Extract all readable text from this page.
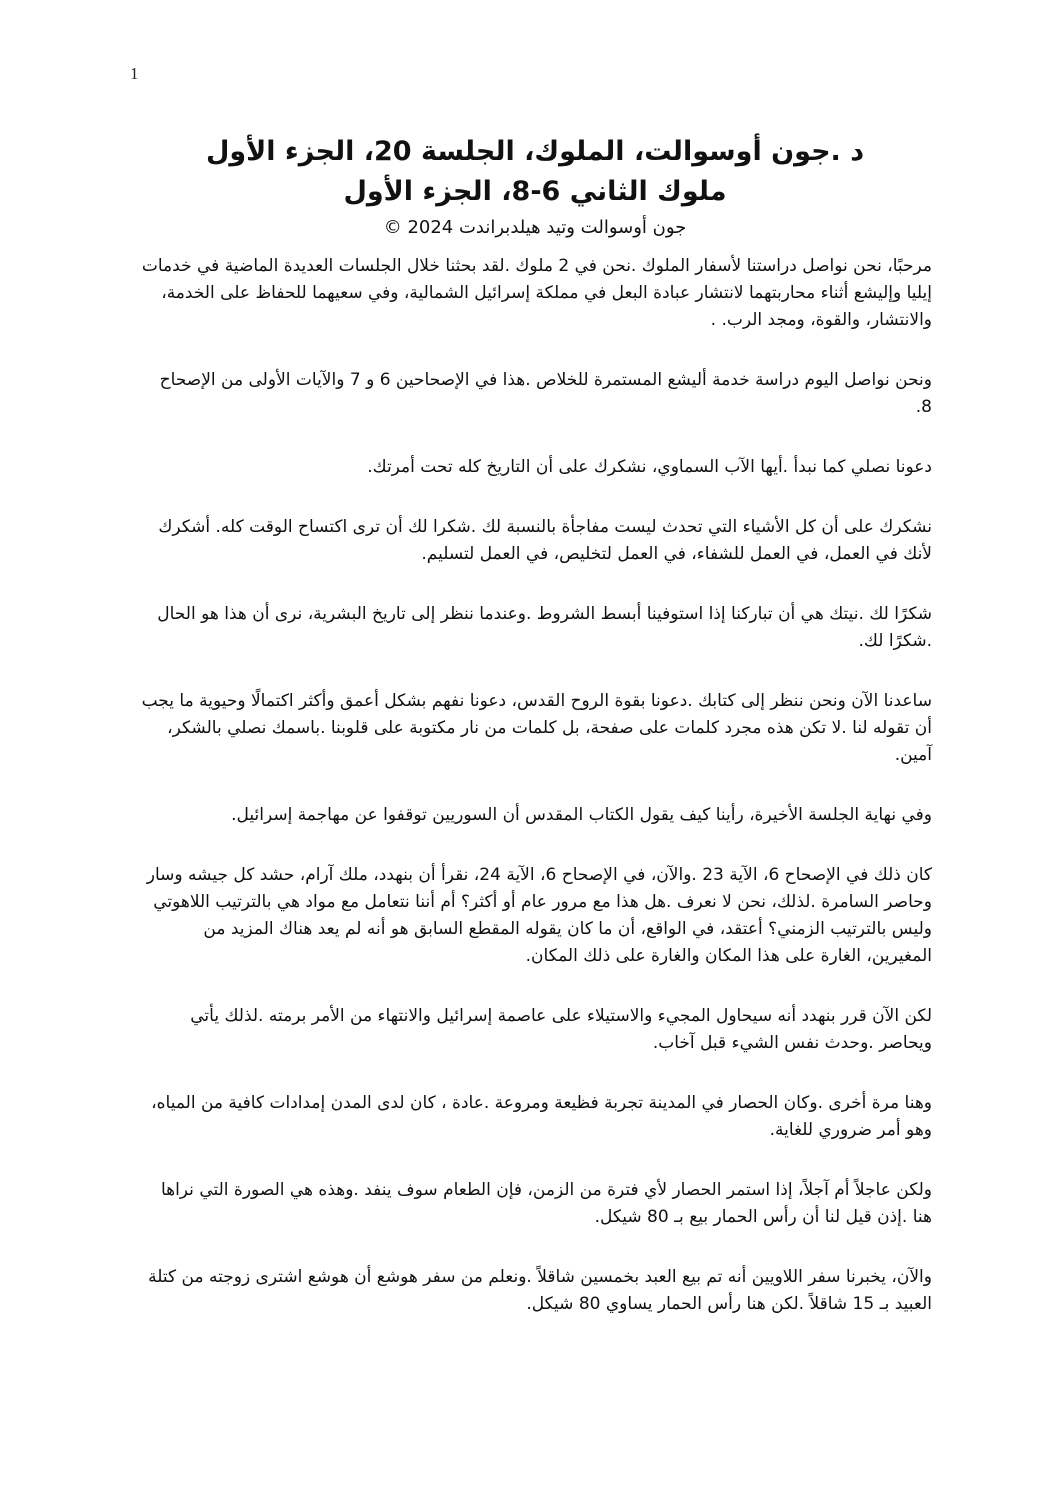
1
د .جون أوسوالت، الملوك، الجلسة 20، الجزء الأول
ملوك الثاني 6-8، الجزء الأول
جون أوسوالت وتيد هيلدبراندت 2024 ©

مرحبًا، نحن نواصل دراستنا لأسفار الملوك .نحن في 2 ملوك .لقد بحثنا خلال الجلسات العديدة الماضية في خدمات إيليا وإليشع أثناء محاربتهما لانتشار عبادة البعل في مملكة إسرائيل الشمالية، وفي سعيهما للحفاظ على الخدمة، والانتشار، والقوة، ومجد الرب. .

ونحن نواصل اليوم دراسة خدمة أليشع المستمرة للخلاص .هذا في الإصحاحين 6 و 7 والآيات الأولى من الإصحاح 8.

دعونا نصلي كما نبدأ .أيها الآب السماوي، نشكرك على أن التاريخ كله تحت أمرتك.

نشكرك على أن كل الأشياء التي تحدث ليست مفاجأة بالنسبة لك .شكرا لك أن ترى اكتساح الوقت كله. أشكرك لأنك في العمل، في العمل للشفاء، في العمل لتخليص، في العمل لتسليم.

شكرًا لك .نيتك هي أن تباركنا إذا استوفينا أبسط الشروط .وعندما ننظر إلى تاريخ البشرية، نرى أن هذا هو الحال .شكرًا لك.

ساعدنا الآن ونحن ننظر إلى كتابك .دعونا بقوة الروح القدس، دعونا نفهم بشكل أعمق وأكثر اكتمالًا وحيوية ما يجب أن تقوله لنا .لا تكن هذه مجرد كلمات على صفحة، بل كلمات من نار مكتوبة على قلوبنا .باسمك نصلي بالشكر، آمين.

وفي نهاية الجلسة الأخيرة، رأينا كيف يقول الكتاب المقدس أن السوريين توقفوا عن مهاجمة إسرائيل.

كان ذلك في الإصحاح 6، الآية 23 .والآن، في الإصحاح 6، الآية 24، نقرأ أن بنهدد، ملك آرام، حشد كل جيشه وسار وحاصر السامرة .لذلك، نحن لا نعرف .هل هذا مع مرور عام أو أكثر؟ أم أننا نتعامل مع مواد هي بالترتيب اللاهوتي وليس بالترتيب الزمني؟ أعتقد، في الواقع، أن ما كان يقوله المقطع السابق هو أنه لم يعد هناك المزيد من المغيرين، الغارة على هذا المكان والغارة على ذلك المكان.

لكن الآن قرر بنهدد أنه سيحاول المجيء والاستيلاء على عاصمة إسرائيل والانتهاء من الأمر برمته .لذلك يأتي ويحاصر .وحدث نفس الشيء قبل آخاب.

وهنا مرة أخرى .وكان الحصار في المدينة تجربة فظيعة ومروعة .عادة ، كان لدى المدن إمدادات كافية من المياه، وهو أمر ضروري للغاية.

ولكن عاجلاً أم آجلاً، إذا استمر الحصار لأي فترة من الزمن، فإن الطعام سوف ينفد .وهذه هي الصورة التي نراها هنا .إذن قيل لنا أن رأس الحمار بيع بـ 80 شيكل.

والآن، يخبرنا سفر اللاويين أنه تم بيع العبد بخمسين شاقلاً .ونعلم من سفر هوشع أن هوشع اشترى زوجته من كتلة العبيد بـ 15 شاقلاً .لكن هنا رأس الحمار يساوي 80 شيكل.
